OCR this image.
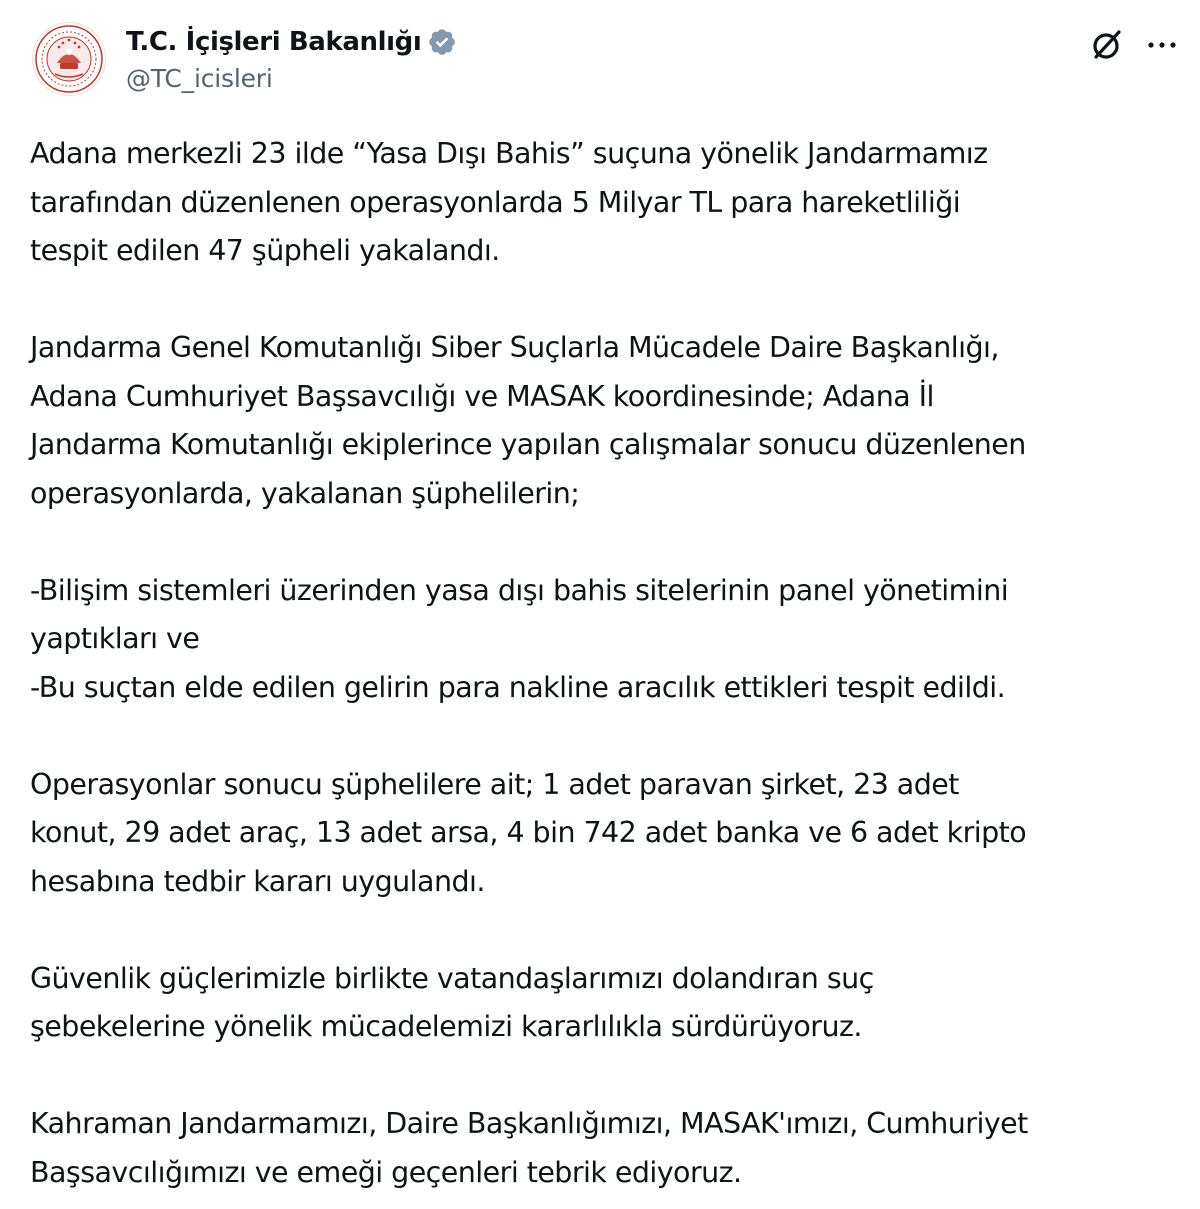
T.C. İçişleri Bakanlığı
@TC_icisleri

Adana merkezli 23 ilde “Yasa Dışı Bahis” suçuna yönelik Jandarmamız
tarafından düzenlenen operasyonlarda 5 Milyar TL para hareketliliği
tespit edilen 47 şüpheli yakalandı.

Jandarma Genel Komutanlığı Siber Suçlarla Mücadele Daire Başkanlığı,
Adana Cumhuriyet Başsavcılığı ve MASAK koordinesinde; Adana İl
Jandarma Komutanlığı ekiplerince yapılan çalışmalar sonucu düzenlenen
operasyonlarda, yakalanan şüphelilerin;

-Bilişim sistemleri üzerinden yasa dışı bahis sitelerinin panel yönetimini
yaptıkları ve
-Bu suçtan elde edilen gelirin para nakline aracılık ettikleri tespit edildi.

Operasyonlar sonucu şüphelilere ait; 1 adet paravan şirket, 23 adet
konut, 29 adet araç, 13 adet arsa, 4 bin 742 adet banka ve 6 adet kripto
hesabına tedbir kararı uygulandı.

Güvenlik güçlerimizle birlikte vatandaşlarımızı dolandıran suç
şebekelerine yönelik mücadelemizi kararlılıkla sürdürüyoruz.

Kahraman Jandarmamızı, Daire Başkanlığımızı, MASAK'ımızı, Cumhuriyet
Başsavcılığımızı ve emeği geçenleri tebrik ediyoruz.
